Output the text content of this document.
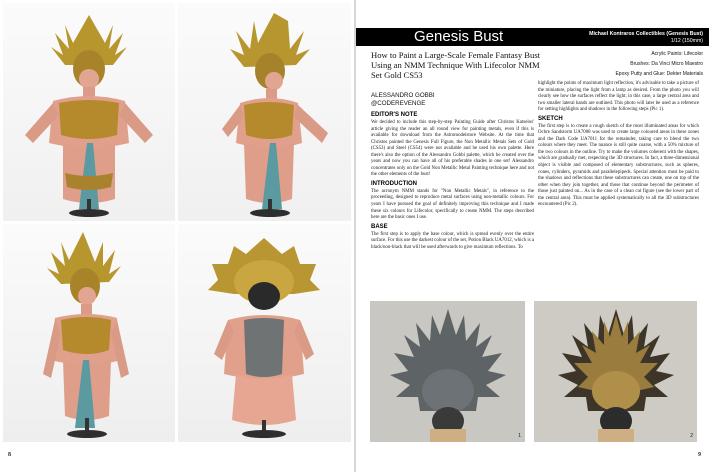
8
Genesis Bust	Michael Kontraros Collectibles (Genesis Bust)
1/12 (150mm)
How to Paint a Large-Scale Female Fantasy Bust Using an NMM Technique With Lifecolor NMM Set Gold CS53
Acrylic Paints: Lifecolor
Brushes: Da Vinci Micro Maestro
Epoxy Putty and Glue: Dekter Materials
ALESSANDRO GOBBI
@CODEREVENGE
EDITOR'S NOTE

We decided to include this step-by-step Painting Guide after Christos Katselos' article giving the reader an all round view for painting metals, even if this is available for download from the Astromodelstore Website. At the time that Christos painted the Genesis Full Figure, the Non Metallic Metals Sets of Gold (CS53) and Steel (CS54) were not available and he used his own palette. Here there's also the option of the Alessandro Gobbi palette, which he created over the years and now you can have all of his preferable shades in one set! Alessandro concentrates only on the Gold Non Metallic Metal Painting technique here and not the other elements of the bust!

INTRODUCTION

The acronym NMM stands for "Non Metallic Metals", in reference to the proceeding, designed to reproduce metal surfaces using non-metallic colours. For years I have pursued the goal of definitely improving this technique and I made these six colours for Lifecolor, specifically to create NMM. The steps described here are the basic ones I use.

BASE

The first step is to apply the base colour, which is spread evenly over the entire surface. For this use the darkest colour of the set, Potion Black UA7012, which is a black/non-black that will be used afterwards to give maximum reflections. To

highlight the points of maximum light reflection, it's advisable to take a picture of the miniature, placing the light from a lamp as desired. From the photo you will clearly see how the surfaces reflect the light; in this case, a large central area and two smaller lateral bands are outlined. This photo will later be used as a reference for setting highlights and shadows in the following steps (Pic 1).

SKETCH

The first step is to create a rough sketch of the most illuminated areas for which Ochre Sandstorm UA7008 was used to create large coloured areas in these zones and the Dark Code UA7011 for the remainder, taking care to blend the two colours where they meet. The nuance is still quite coarse, with a 50% mixture of the two colours in the outline. Try to make the volumes coherent with the shapes, which are gradually met, respecting the 3D structures. In fact, a three-dimensional object is visible and composed of elementary substructures, such as spheres, cones, cylinders, pyramids and parallelepipeds. Special attention must be paid to the shadows and reflections that these substructures can create, one on top of the other when they join together, and those that continue beyond the perimeter of those just painted on... As in the case of a clean cut figure (see the lower part of the central area). This must be applied systematically to all the 3D substructures encountered (Pic 2).

1	2
9
